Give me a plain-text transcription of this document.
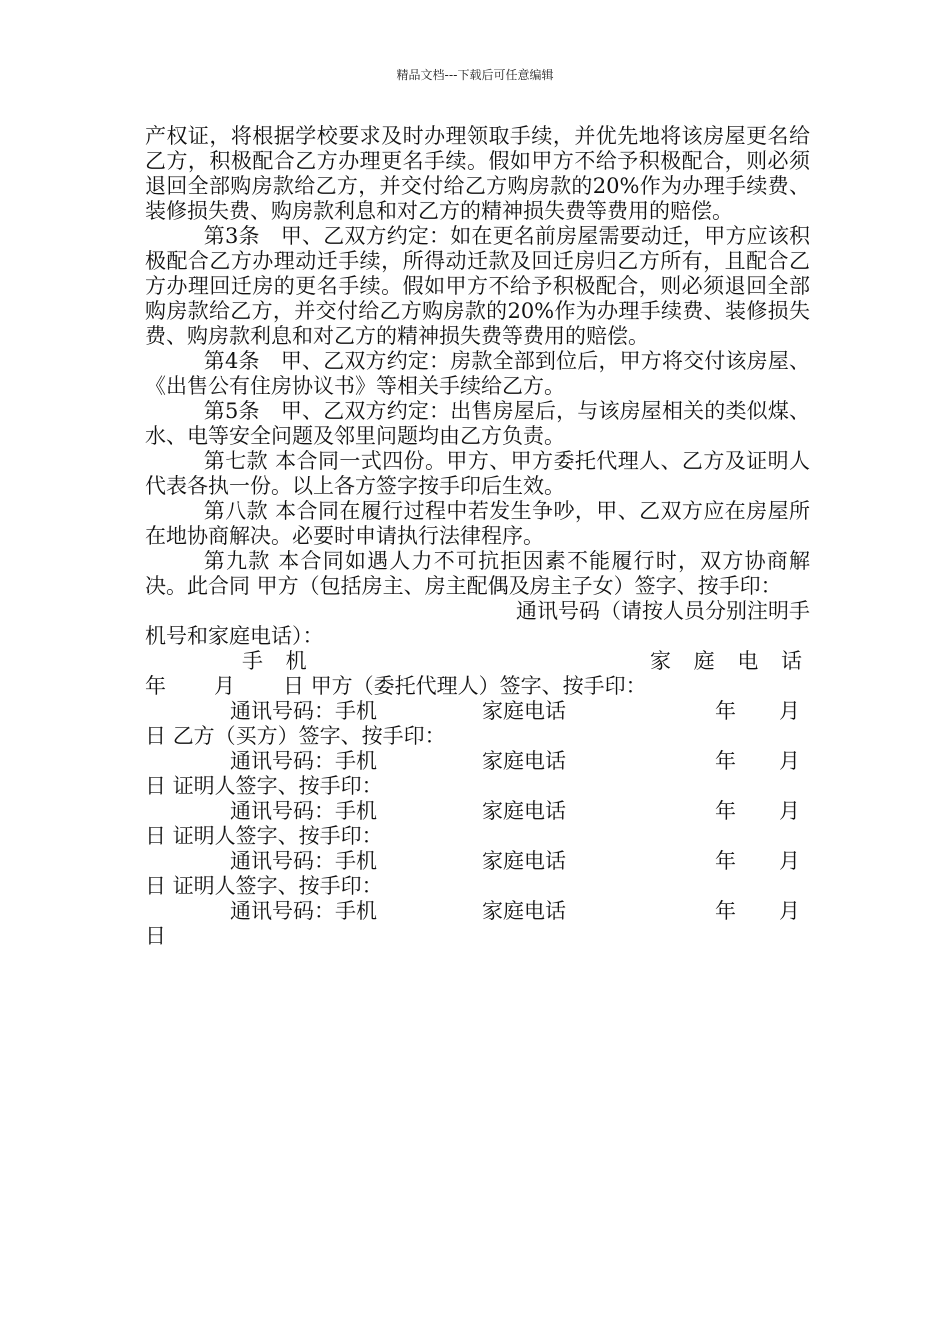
精品文档---下载后可任意编辑

产权证，将根据学校要求及时办理领取手续，并优先地将该房屋更名给乙方，积极配合乙方办理更名手续。假如甲方不给予积极配合，则必须退回全部购房款给乙方，并交付给乙方购房款的20%作为办理手续费、装修损失费、购房款利息和对乙方的精神损失费等费用的赔偿。

第3条　甲、乙双方约定：如在更名前房屋需要动迁，甲方应该积极配合乙方办理动迁手续，所得动迁款及回迁房归乙方所有，且配合乙方办理回迁房的更名手续。假如甲方不给予积极配合，则必须退回全部购房款给乙方，并交付给乙方购房款的20%作为办理手续费、装修损失费、购房款利息和对乙方的精神损失费等费用的赔偿。

第4条　甲、乙双方约定：房款全部到位后，甲方将交付该房屋、《出售公有住房协议书》等相关手续给乙方。

第5条　甲、乙双方约定：出售房屋后，与该房屋相关的类似煤、水、电等安全问题及邻里问题均由乙方负责。

第七款 本合同一式四份。甲方、甲方委托代理人、乙方及证明人代表各执一份。以上各方签字按手印后生效。

第八款 本合同在履行过程中若发生争吵，甲、乙双方应在房屋所在地协商解决。必要时申请执行法律程序。

第九款 本合同如遇人力不可抗拒因素不能履行时，双方协商解决。此合同 甲方（包括房主、房主配偶及房主子女）签字、按手印：

通讯号码（请按人员分别注明手
机号和家庭电话）：
手 机	家 庭 电 话
年 月 日 甲方（委托代理人）签字、按手印：
通讯号码：手机	家庭电话	年 月
日 乙方（买方）签字、按手印：
通讯号码：手机	家庭电话	年 月
日 证明人签字、按手印：
通讯号码：手机	家庭电话	年 月
日 证明人签字、按手印：
通讯号码：手机	家庭电话	年 月
日 证明人签字、按手印：
通讯号码：手机	家庭电话	年 月
日
